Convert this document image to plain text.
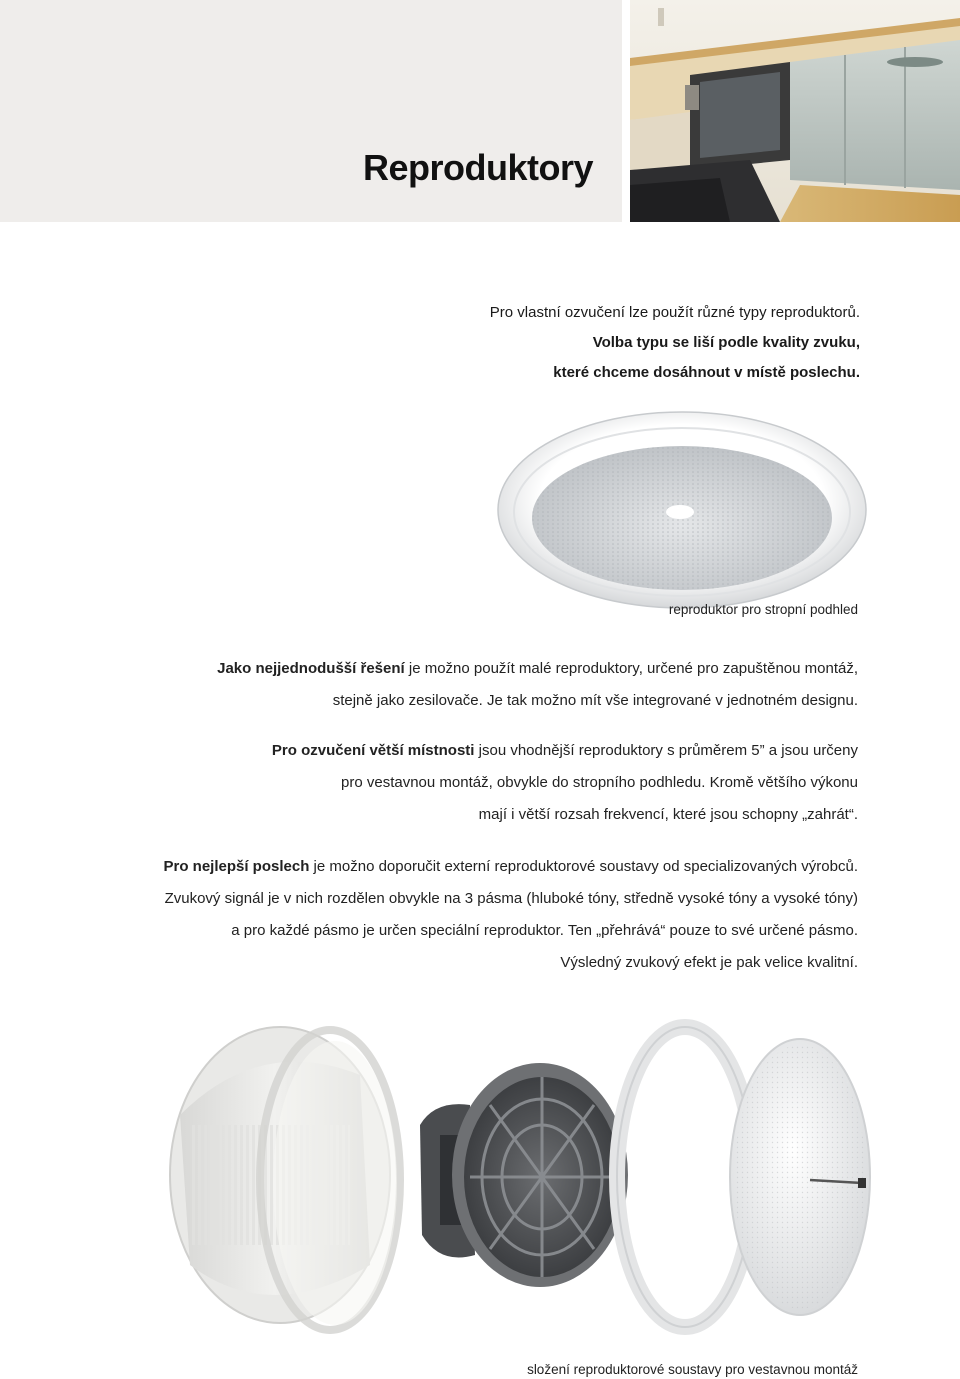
Reproduktory
Pro vlastní ozvučení lze použít různé typy reproduktorů.
Volba typu se liší podle kvality zvuku,
které chceme dosáhnout v místě poslechu.
reproduktor pro stropní podhled

Jako nejjednodušší řešení je možno použít malé reproduktory, určené pro zapuštěnou montáž,
stejně jako zesilovače. Je tak možno mít vše integrované v jednotném designu.

Pro ozvučení větší místnosti jsou vhodnější reproduktory s průměrem 5” a jsou určeny
pro vestavnou montáž, obvykle do stropního podhledu. Kromě většího výkonu
mají i větší rozsah frekvencí, které jsou schopny „zahrát“.

Pro nejlepší poslech je možno doporučit externí reproduktorové soustavy od specializovaných výrobců.
Zvukový signál je v nich rozdělen obvykle na 3 pásma (hluboké tóny, středně vysoké tóny a vysoké tóny)
a pro každé pásmo je určen speciální reproduktor. Ten „přehrává“ pouze to své určené pásmo.
Výsledný zvukový efekt je pak velice kvalitní.

složení reproduktorové soustavy pro vestavnou montáž
